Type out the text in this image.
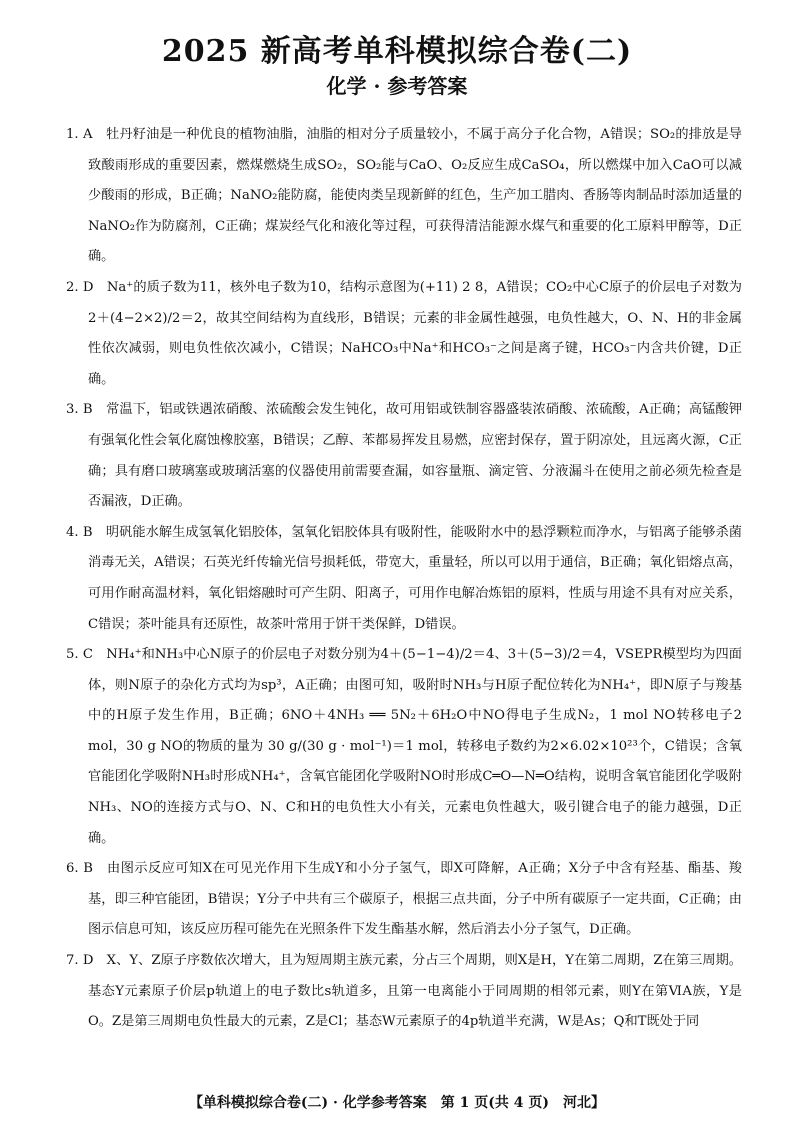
2025 新高考单科模拟综合卷(二)
化学 · 参考答案

1. A　牡丹籽油是一种优良的植物油脂，油脂的相对分子质量较小，不属于高分子化合物，A错误；SO₂的排放是导致酸雨形成的重要因素，燃煤燃烧生成SO₂，SO₂能与CaO、O₂反应生成CaSO₄，所以燃煤中加入CaO可以减少酸雨的形成，B正确；NaNO₂能防腐，能使肉类呈现新鲜的红色，生产加工腊肉、香肠等肉制品时添加适量的NaNO₂作为防腐剂，C正确；煤炭经气化和液化等过程，可获得清洁能源水煤气和重要的化工原料甲醇等，D正确。

2. D　Na⁺的质子数为11，核外电子数为10，结构示意图为(+11) 2 8，A错误；CO₂中心C原子的价层电子对数为2＋(4−2×2)/2＝2，故其空间结构为直线形，B错误；元素的非金属性越强，电负性越大，O、N、H的非金属性依次减弱，则电负性依次减小，C错误；NaHCO₃中Na⁺和HCO₃⁻之间是离子键，HCO₃⁻内含共价键，D正确。

3. B　常温下，铝或铁遇浓硝酸、浓硫酸会发生钝化，故可用铝或铁制容器盛装浓硝酸、浓硫酸，A正确；高锰酸钾有强氧化性会氧化腐蚀橡胶塞，B错误；乙醇、苯都易挥发且易燃，应密封保存，置于阴凉处，且远离火源，C正确；具有磨口玻璃塞或玻璃活塞的仪器使用前需要查漏，如容量瓶、滴定管、分液漏斗在使用之前必须先检查是否漏液，D正确。

4. B　明矾能水解生成氢氧化铝胶体，氢氧化铝胶体具有吸附性，能吸附水中的悬浮颗粒而净水，与铝离子能够杀菌消毒无关，A错误；石英光纤传输光信号损耗低，带宽大，重量轻，所以可以用于通信，B正确；氧化铝熔点高，可用作耐高温材料，氧化铝熔融时可产生阴、阳离子，可用作电解冶炼铝的原料，性质与用途不具有对应关系，C错误；茶叶能具有还原性，故茶叶常用于饼干类保鲜，D错误。

5. C　NH₄⁺和NH₃中心N原子的价层电子对数分别为4＋(5−1−4)/2＝4、3＋(5−3)/2＝4，VSEPR模型均为四面体，则N原子的杂化方式均为sp³，A正确；由图可知，吸附时NH₃与H原子配位转化为NH₄⁺，即N原子与羧基中的H原子发生作用，B正确；6NO＋4NH₃ ══ 5N₂＋6H₂O中NO得电子生成N₂，1 mol NO转移电子2 mol，30 g NO的物质的量为 30 g/(30 g · mol⁻¹)＝1 mol，转移电子数约为2×6.02×10²³个，C错误；含氧官能团化学吸附NH₃时形成NH₄⁺，含氧官能团化学吸附NO时形成C═O—N═O结构，说明含氧官能团化学吸附NH₃、NO的连接方式与O、N、C和H的电负性大小有关，元素电负性越大，吸引键合电子的能力越强，D正确。

6. B　由图示反应可知X在可见光作用下生成Y和小分子氢气，即X可降解，A正确；X分子中含有羟基、酯基、羧基，即三种官能团，B错误；Y分子中共有三个碳原子，根据三点共面，分子中所有碳原子一定共面，C正确；由图示信息可知，该反应历程可能先在光照条件下发生酯基水解，然后消去小分子氢气，D正确。

7. D　X、Y、Z原子序数依次增大，且为短周期主族元素，分占三个周期，则X是H，Y在第二周期，Z在第三周期。基态Y元素原子价层p轨道上的电子数比s轨道多，且第一电离能小于同周期的相邻元素，则Y在第ⅥA族，Y是O。Z是第三周期电负性最大的元素，Z是Cl；基态W元素原子的4p轨道半充满，W是As；Q和T既处于同

【单科模拟综合卷(二) · 化学参考答案　第 1 页(共 4 页)　河北】
